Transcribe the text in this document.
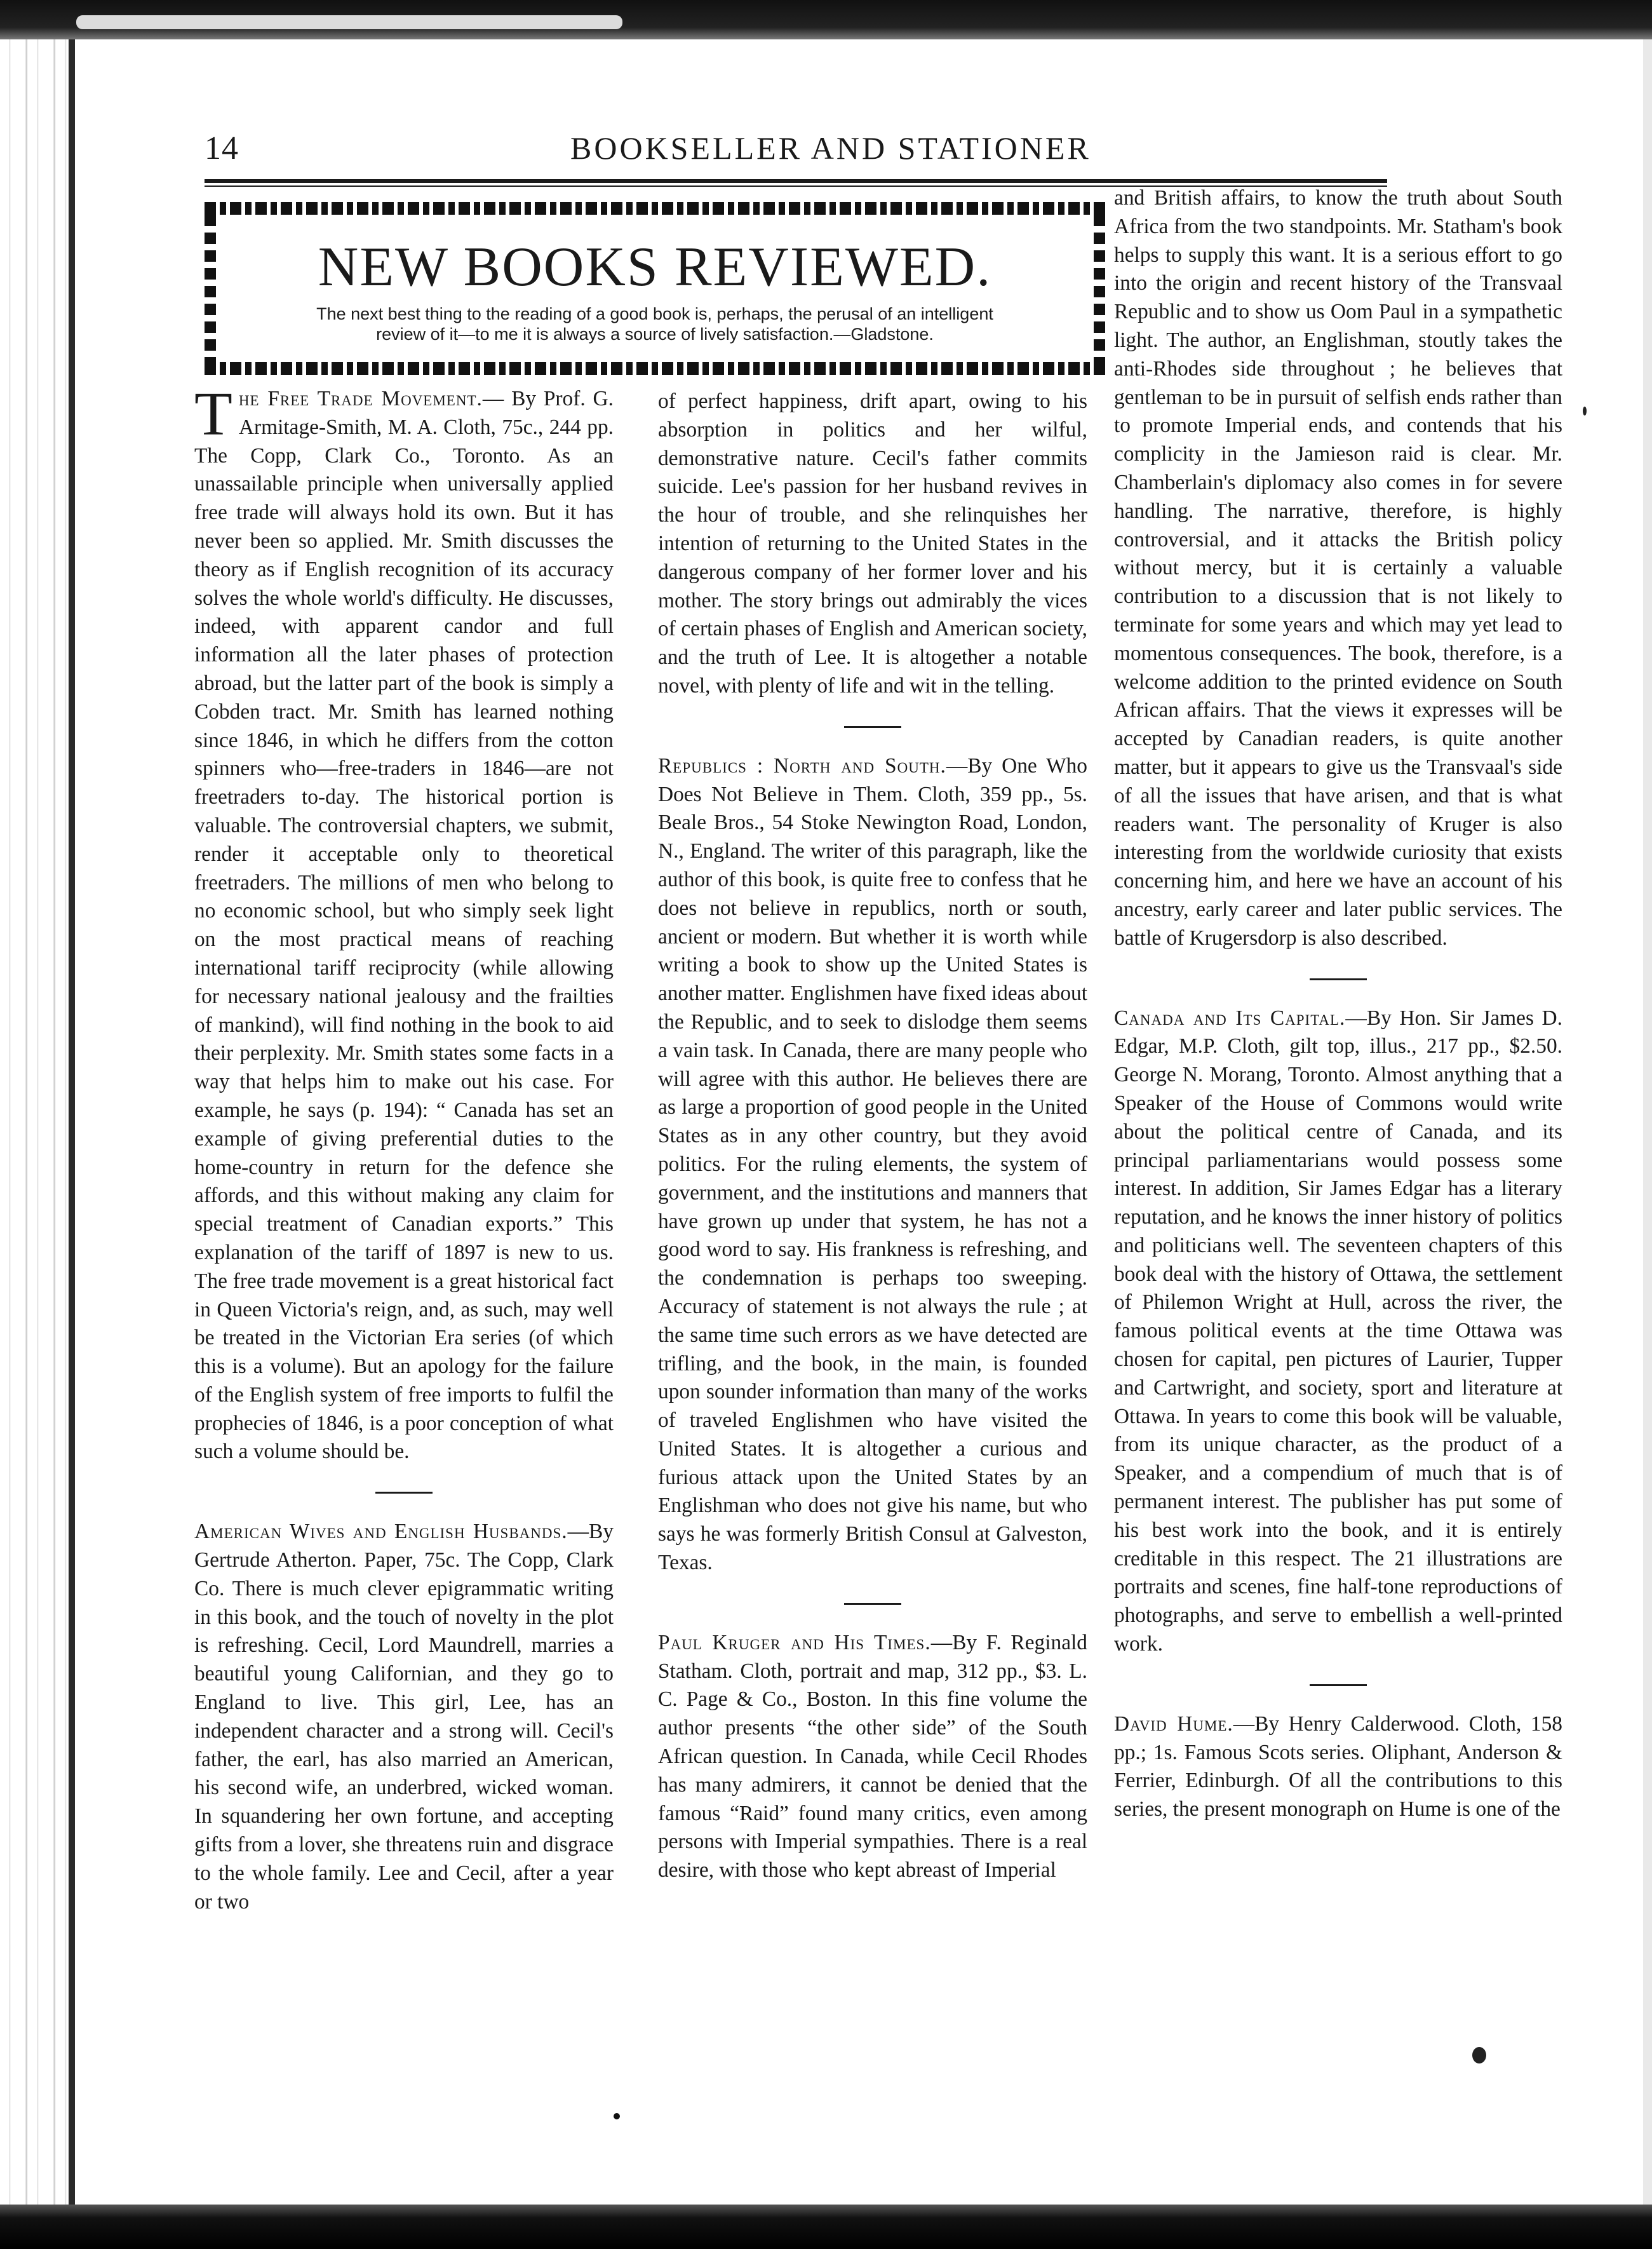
14	BOOKSELLER AND STATIONER
NEW BOOKS REVIEWED.
The next best thing to the reading of a good book is, perhaps, the perusal of an intelligent
review of it—to me it is always a source of lively satisfaction.—Gladstone.

The Free Trade Movement.— By Prof. G. Armitage-Smith, M. A. Cloth, 75c., 244 pp. The Copp, Clark Co., Toronto. As an unassailable principle when universally applied free trade will always hold its own. But it has never been so applied. Mr. Smith discusses the theory as if English recognition of its accuracy solves the whole world's difficulty. He discusses, indeed, with apparent candor and full information all the later phases of protection abroad, but the latter part of the book is simply a Cobden tract. Mr. Smith has learned nothing since 1846, in which he differs from the cotton spinners who—free-traders in 1846—are not freetraders to-day. The historical portion is valuable. The controversial chapters, we submit, render it acceptable only to theoretical freetraders. The millions of men who belong to no economic school, but who simply seek light on the most practical means of reaching international tariff reciprocity (while allowing for necessary national jealousy and the frailties of mankind), will find nothing in the book to aid their perplexity. Mr. Smith states some facts in a way that helps him to make out his case. For example, he says (p. 194): “ Canada has set an example of giving preferential duties to the home-country in return for the defence she affords, and this without making any claim for special treatment of Canadian exports.” This explanation of the tariff of 1897 is new to us. The free trade movement is a great historical fact in Queen Victoria's reign, and, as such, may well be treated in the Victorian Era series (of which this is a volume). But an apology for the failure of the English system of free imports to fulfil the prophecies of 1846, is a poor conception of what such a volume should be.

American Wives and English Husbands.—By Gertrude Atherton. Paper, 75c. The Copp, Clark Co. There is much clever epigrammatic writing in this book, and the touch of novelty in the plot is refreshing. Cecil, Lord Maundrell, marries a beautiful young Californian, and they go to England to live. This girl, Lee, has an independent character and a strong will. Cecil's father, the earl, has also married an American, his second wife, an underbred, wicked woman. In squandering her own fortune, and accepting gifts from a lover, she threatens ruin and disgrace to the whole family. Lee and Cecil, after a year or two

of perfect happiness, drift apart, owing to his absorption in politics and her wilful, demonstrative nature. Cecil's father commits suicide. Lee's passion for her husband revives in the hour of trouble, and she relinquishes her intention of returning to the United States in the dangerous company of her former lover and his mother. The story brings out admirably the vices of certain phases of English and American society, and the truth of Lee. It is altogether a notable novel, with plenty of life and wit in the telling.

Republics : North and South.—By One Who Does Not Believe in Them. Cloth, 359 pp., 5s. Beale Bros., 54 Stoke Newington Road, London, N., England. The writer of this paragraph, like the author of this book, is quite free to confess that he does not believe in republics, north or south, ancient or modern. But whether it is worth while writing a book to show up the United States is another matter. Englishmen have fixed ideas about the Republic, and to seek to dislodge them seems a vain task. In Canada, there are many people who will agree with this author. He believes there are as large a proportion of good people in the United States as in any other country, but they avoid politics. For the ruling elements, the system of government, and the institutions and manners that have grown up under that system, he has not a good word to say. His frankness is refreshing, and the condemnation is perhaps too sweeping. Accuracy of statement is not always the rule ; at the same time such errors as we have detected are trifling, and the book, in the main, is founded upon sounder information than many of the works of traveled Englishmen who have visited the United States. It is altogether a curious and furious attack upon the United States by an Englishman who does not give his name, but who says he was formerly British Consul at Galveston, Texas.

Paul Kruger and His Times.—By F. Reginald Statham. Cloth, portrait and map, 312 pp., $3. L. C. Page & Co., Boston. In this fine volume the author presents “the other side” of the South African question. In Canada, while Cecil Rhodes has many admirers, it cannot be denied that the famous “Raid” found many critics, even among persons with Imperial sympathies. There is a real desire, with those who kept abreast of Imperial

and British affairs, to know the truth about South Africa from the two standpoints. Mr. Statham's book helps to supply this want. It is a serious effort to go into the origin and recent history of the Transvaal Republic and to show us Oom Paul in a sympathetic light. The author, an Englishman, stoutly takes the anti-Rhodes side throughout ; he believes that gentleman to be in pursuit of selfish ends rather than to promote Imperial ends, and contends that his complicity in the Jamieson raid is clear. Mr. Chamberlain's diplomacy also comes in for severe handling. The narrative, therefore, is highly controversial, and it attacks the British policy without mercy, but it is certainly a valuable contribution to a discussion that is not likely to terminate for some years and which may yet lead to momentous consequences. The book, therefore, is a welcome addition to the printed evidence on South African affairs. That the views it expresses will be accepted by Canadian readers, is quite another matter, but it appears to give us the Transvaal's side of all the issues that have arisen, and that is what readers want. The personality of Kruger is also interesting from the worldwide curiosity that exists concerning him, and here we have an account of his ancestry, early career and later public services. The battle of Krugersdorp is also described.

Canada and Its Capital.—By Hon. Sir James D. Edgar, M.P. Cloth, gilt top, illus., 217 pp., $2.50. George N. Morang, Toronto. Almost anything that a Speaker of the House of Commons would write about the political centre of Canada, and its principal parliamentarians would possess some interest. In addition, Sir James Edgar has a literary reputation, and he knows the inner history of politics and politicians well. The seventeen chapters of this book deal with the history of Ottawa, the settlement of Philemon Wright at Hull, across the river, the famous political events at the time Ottawa was chosen for capital, pen pictures of Laurier, Tupper and Cartwright, and society, sport and literature at Ottawa. In years to come this book will be valuable, from its unique character, as the product of a Speaker, and a compendium of much that is of permanent interest. The publisher has put some of his best work into the book, and it is entirely creditable in this respect. The 21 illustrations are portraits and scenes, fine half-tone reproductions of photographs, and serve to embellish a well-printed work.

David Hume.—By Henry Calderwood. Cloth, 158 pp.; 1s. Famous Scots series. Oliphant, Anderson & Ferrier, Edinburgh. Of all the contributions to this series, the present monograph on Hume is one of the
